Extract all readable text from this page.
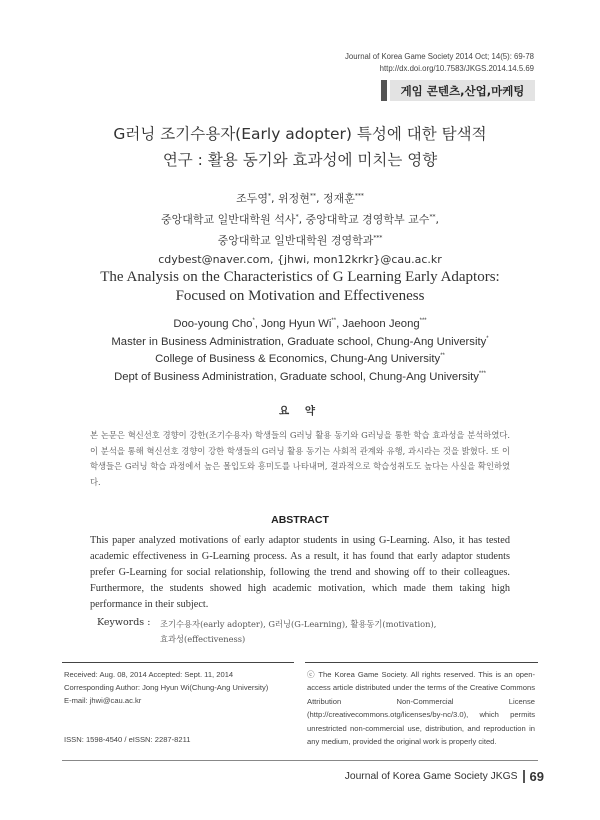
Journal of Korea Game Society 2014 Oct; 14(5): 69-78
http://dx.doi.org/10.7583/JKGS.2014.14.5.69
게임 콘텐츠,산업,마케팅
G러닝 조기수용자(Early adopter) 특성에 대한 탐색적
연구 : 활용 동기와 효과성에 미치는 영향
조두영*, 위정현**, 정재훈***
중앙대학교 일반대학원 석사*, 중앙대학교 경영학부 교수**,
중앙대학교 일반대학원 경영학과***
cdybest@naver.com, {jhwi, mon12krkr}@cau.ac.kr
The Analysis on the Characteristics of G Learning Early Adaptors:
Focused on Motivation and Effectiveness
Doo-young Cho*, Jong Hyun Wi**, Jaehoon Jeong***
Master in Business Administration, Graduate school, Chung-Ang University*
College of Business & Economics, Chung-Ang University**
Dept of Business Administration, Graduate school, Chung-Ang University***
요 약
본 논문은 혁신선호 경향이 강한(조기수용자) 학생들의 G러닝 활용 동기와 G러닝을 통한 학습 효과성을 분석하였다. 이 분석을 통해 혁신선호 경향이 강한 학생들의 G러닝 활용 동기는 사회적 관계와 유행, 과시라는 것을 밝혔다. 또 이 학생들은 G러닝 학습 과정에서 높은 몰입도와 흥미도를 나타내며, 결과적으로 학습성취도도 높다는 사실을 확인하였다.
ABSTRACT
This paper analyzed motivations of early adaptor students in using G-Learning. Also, it has tested academic effectiveness in G-Learning process. As a result, it has found that early adaptor students prefer G-Learning for social relationship, following the trend and showing off to their colleagues. Furthermore, the students showed high academic motivation, which made them taking high performance in their subject.
Keywords : 조기수용자(early adopter), G러닝(G-Learning), 활용동기(motivation),
효과성(effectiveness)
Received: Aug. 08, 2014 Accepted: Sept. 11, 2014
Corresponding Author: Jong Hyun Wi(Chung-Ang University)
E-mail: jhwi@cau.ac.kr
ISSN: 1598-4540 / eISSN: 2287-8211
ⓒ The Korea Game Society. All rights reserved. This is an open-access article distributed under the terms of the Creative Commons Attribution Non-Commercial License (http://creativecommons.otg/licenses/by-nc/3.0), which permits unrestricted non-commercial use, distribution, and reproduction in any medium, provided the original work is properly cited.
Journal of Korea Game Society JKGS 69
